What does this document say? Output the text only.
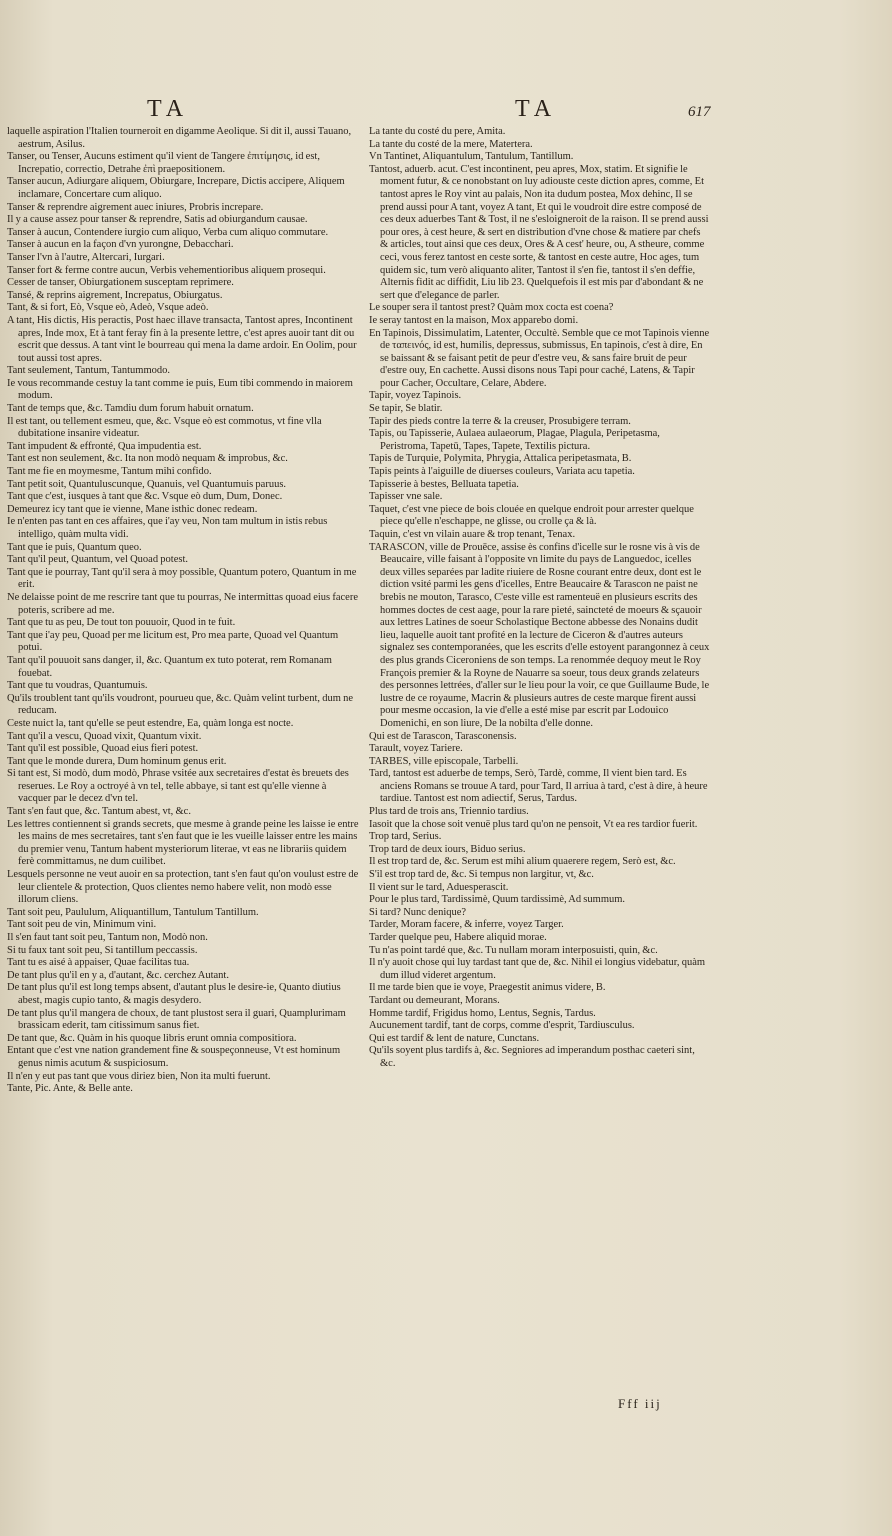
TA	TA	617

laquelle aspiration l'Italien tourneroit en digamme Aeolique. Si dit il, aussi Tauano, aestrum, Asilus.

Tanser, ou Tenser, Aucuns estiment qu'il vient de Tangere ἐπιτίμησις, id est, Increpatio, correctio, Detrahe ἐπὶ praepositionem.

Tanser aucun, Adiurgare aliquem, Obiurgare, Increpare, Dictis accipere, Aliquem inclamare, Concertare cum aliquo.

Tanser & reprendre aigrement auec iniures, Probris increpare.

Il y a cause assez pour tanser & reprendre, Satis ad obiurgandum causae.

Tanser à aucun, Contendere iurgio cum aliquo, Verba cum aliquo commutare.

Tanser à aucun en la façon d'vn yurongne, Debacchari.

Tanser l'vn à l'autre, Altercari, Iurgari.

Tanser fort & ferme contre aucun, Verbis vehementioribus aliquem prosequi.

Cesser de tanser, Obiurgationem susceptam reprimere.

Tansé, & reprins aigrement, Increpatus, Obiurgatus.

Tant, & si fort, Eò, Vsque eò, Adeò, Vsque adeò.

A tant, His dictis, His peractis, Post haec illave transacta, Tantost apres, Incontinent apres, Inde mox, Et à tant feray fin à la presente lettre, c'est apres auoir tant dit ou escrit que dessus. A tant vint le bourreau qui mena la dame ardoir. En Oolim, pour tout aussi tost apres.

Tant seulement, Tantum, Tantummodo.

Ie vous recommande cestuy la tant comme ie puis, Eum tibi commendo in maiorem modum.

Tant de temps que, &c. Tamdiu dum forum habuit ornatum.

Il est tant, ou tellement esmeu, que, &c. Vsque eò est commotus, vt fine vlla dubitatione insanire videatur.

Tant impudent & effronté, Qua impudentia est.

Tant est non seulement, &c. Ita non modò nequam & improbus, &c.

Tant me fie en moymesme, Tantum mihi confido.

Tant petit soit, Quantuluscunque, Quanuis, vel Quantumuis paruus.

Tant que c'est, iusques à tant que &c. Vsque eò dum, Dum, Donec.

Demeurez icy tant que ie vienne, Mane isthic donec redeam.

Ie n'enten pas tant en ces affaires, que i'ay veu, Non tam multum in istis rebus intelligo, quàm multa vidi.

Tant que ie puis, Quantum queo.

Tant qu'il peut, Quantum, vel Quoad potest.

Tant que ie pourray, Tant qu'il sera à moy possible, Quantum potero, Quantum in me erit.

Ne delaisse point de me rescrire tant que tu pourras, Ne intermittas quoad eius facere poteris, scribere ad me.

Tant que tu as peu, De tout ton pouuoir, Quod in te fuit.

Tant que i'ay peu, Quoad per me licitum est, Pro mea parte, Quoad vel Quantum potui.

Tant qu'il pouuoit sans danger, il, &c. Quantum ex tuto poterat, rem Romanam fouebat.

Tant que tu voudras, Quantumuis.

Qu'ils troublent tant qu'ils voudront, pourueu que, &c. Quàm velint turbent, dum ne reducam.

Ceste nuict la, tant qu'elle se peut estendre, Ea, quàm longa est nocte.

Tant qu'il a vescu, Quoad vixit, Quantum vixit.

Tant qu'il est possible, Quoad eius fieri potest.

Tant que le monde durera, Dum hominum genus erit.

Si tant est, Si modò, dum modò, Phrase vsitée aux secretaires d'estat ès breuets des reserues. Le Roy a octroyé à vn tel, telle abbaye, si tant est qu'elle vienne à vacquer par le decez d'vn tel.

Tant s'en faut que, &c. Tantum abest, vt, &c.

Les lettres contiennent si grands secrets, que mesme à grande peine les laisse ie entre les mains de mes secretaires, tant s'en faut que ie les vueille laisser entre les mains du premier venu, Tantum habent mysteriorum literae, vt eas ne librariis quidem ferè committamus, ne dum cuilibet.

Lesquels personne ne veut auoir en sa protection, tant s'en faut qu'on voulust estre de leur clientele & protection, Quos clientes nemo habere velit, non modò esse illorum cliens.

Tant soit peu, Paululum, Aliquantillum, Tantulum Tantillum.

Tant soit peu de vin, Minimum vini.

Il s'en faut tant soit peu, Tantum non, Modò non.

Si tu faux tant soit peu, Si tantillum peccassis.

Tant tu es aisé à appaiser, Quae facilitas tua.

De tant plus qu'il en y a, d'autant, &c. cerchez Autant.

De tant plus qu'il est long temps absent, d'autant plus le desire-ie, Quanto diutius abest, magis cupio tanto, & magis desydero.

De tant plus qu'il mangera de choux, de tant plustost sera il guari, Quamplurimam brassicam ederit, tam citissimum sanus fiet.

De tant que, &c. Quàm in his quoque libris erunt omnia compositiora.

Entant que c'est vne nation grandement fine & souspeçonneuse, Vt est hominum genus nimis acutum & suspiciosum.

Il n'en y eut pas tant que vous diriez bien, Non ita multi fuerunt.

Tante, Pic. Ante, & Belle ante.

La tante du costé du pere, Amita.

La tante du costé de la mere, Matertera.

Vn Tantinet, Aliquantulum, Tantulum, Tantillum.

Tantost, aduerb. acut. C'est incontinent, peu apres, Mox, statim. Et signifie le moment futur, & ce nonobstant on luy adiouste ceste diction apres, comme, Et tantost apres le Roy vint au palais, Non ita dudum postea, Mox dehinc, Il se prend aussi pour A tant, voyez A tant, Et qui le voudroit dire estre composé de ces deux aduerbes Tant & Tost, il ne s'esloigneroit de la raison. Il se prend aussi pour ores, à cest heure, & sert en distribution d'vne chose & matiere par chefs & articles, tout ainsi que ces deux, Ores & A cest' heure, ou, A stheure, comme ceci, vous ferez tantost en ceste sorte, & tantost en ceste autre, Hoc ages, tum quidem sic, tum verò aliquanto aliter, Tantost il s'en fie, tantost il s'en deffie, Alternis fidit ac diffidit, Liu lib 23. Quelquefois il est mis par d'abondant & ne sert que d'elegance de parler.

Le souper sera il tantost prest? Quàm mox cocta est coena?

Ie seray tantost en la maison, Mox apparebo domi.

En Tapinois, Dissimulatim, Latenter, Occultè. Semble que ce mot Tapinois vienne de ταπεινός, id est, humilis, depressus, submissus, En tapinois, c'est à dire, En se baissant & se faisant petit de peur d'estre veu, & sans faire bruit de peur d'estre ouy, En cachette. Aussi disons nous Tapi pour caché, Latens, & Tapir pour Cacher, Occultare, Celare, Abdere.

Tapir, voyez Tapinois.

Se tapir, Se blatir.

Tapir des pieds contre la terre & la creuser, Prosubigere terram.

Tapis, ou Tapisserie, Aulaea aulaeorum, Plagae, Plagula, Peripetasma, Peristroma, Tapetū, Tapes, Tapete, Textilis pictura.

Tapis de Turquie, Polymita, Phrygia, Attalica peripetasmata, B.

Tapis peints à l'aiguille de diuerses couleurs, Variata acu tapetia.

Tapisserie à bestes, Belluata tapetia.

Tapisser vne sale.

Taquet, c'est vne piece de bois clouée en quelque endroit pour arrester quelque piece qu'elle n'eschappe, ne glisse, ou crolle ça & là.

Taquin, c'est vn vilain auare & trop tenant, Tenax.

TARASCON, ville de Prouēce, assise ès confins d'icelle sur le rosne vis à vis de Beaucaire, ville faisant à l'opposite vn limite du pays de Languedoc, icelles deux villes separées par ladite riuiere de Rosne courant entre deux, dont est le diction vsité parmi les gens d'icelles, Entre Beaucaire & Tarascon ne paist ne brebis ne mouton, Tarasco, C'este ville est ramenteuë en plusieurs escrits des hommes doctes de cest aage, pour la rare pieté, saincteté de moeurs & sçauoir aux lettres Latines de soeur Scholastique Bectone abbesse des Nonains dudit lieu, laquelle auoit tant profité en la lecture de Ciceron & d'autres auteurs signalez ses contemporanées, que les escrits d'elle estoyent parangonnez à ceux des plus grands Ciceroniens de son temps. La renommée dequoy meut le Roy François premier & la Royne de Nauarre sa soeur, tous deux grands zelateurs des personnes lettrées, d'aller sur le lieu pour la voir, ce que Guillaume Bude, le lustre de ce royaume, Macrin & plusieurs autres de ceste marque firent aussi pour mesme occasion, la vie d'elle a esté mise par escrit par Lodouico Domenichi, en son liure, De la nobilta d'elle donne.

Qui est de Tarascon, Tarasconensis.

Tarault, voyez Tariere.

TARBES, ville episcopale, Tarbelli.

Tard, tantost est aduerbe de temps, Serò, Tardè, comme, Il vient bien tard. Es anciens Romans se trouue A tard, pour Tard, Il arriua à tard, c'est à dire, à heure tardiue. Tantost est nom adiectif, Serus, Tardus.

Plus tard de trois ans, Triennio tardius.

Iasoit que la chose soit venuë plus tard qu'on ne pensoit, Vt ea res tardior fuerit.

Trop tard, Serius.

Trop tard de deux iours, Biduo serius.

Il est trop tard de, &c. Serum est mihi alium quaerere regem, Serò est, &c.

S'il est trop tard de, &c. Si tempus non largitur, vt, &c.

Il vient sur le tard, Aduesperascit.

Pour le plus tard, Tardissimè, Quum tardissimè, Ad summum.

Si tard? Nunc denique?

Tarder, Moram facere, & inferre, voyez Targer.

Tarder quelque peu, Habere aliquid morae.

Tu n'as point tardé que, &c. Tu nullam moram interposuisti, quin, &c.

Il n'y auoit chose qui luy tardast tant que de, &c. Nihil ei longius videbatur, quàm dum illud videret argentum.

Il me tarde bien que ie voye, Praegestit animus videre, B.

Tardant ou demeurant, Morans.

Homme tardif, Frigidus homo, Lentus, Segnis, Tardus.

Aucunement tardif, tant de corps, comme d'esprit, Tardiusculus.

Qui est tardif & lent de nature, Cunctans.

Qu'ils soyent plus tardifs à, &c. Segniores ad imperandum posthac caeteri sint, &c.

Fff iij
